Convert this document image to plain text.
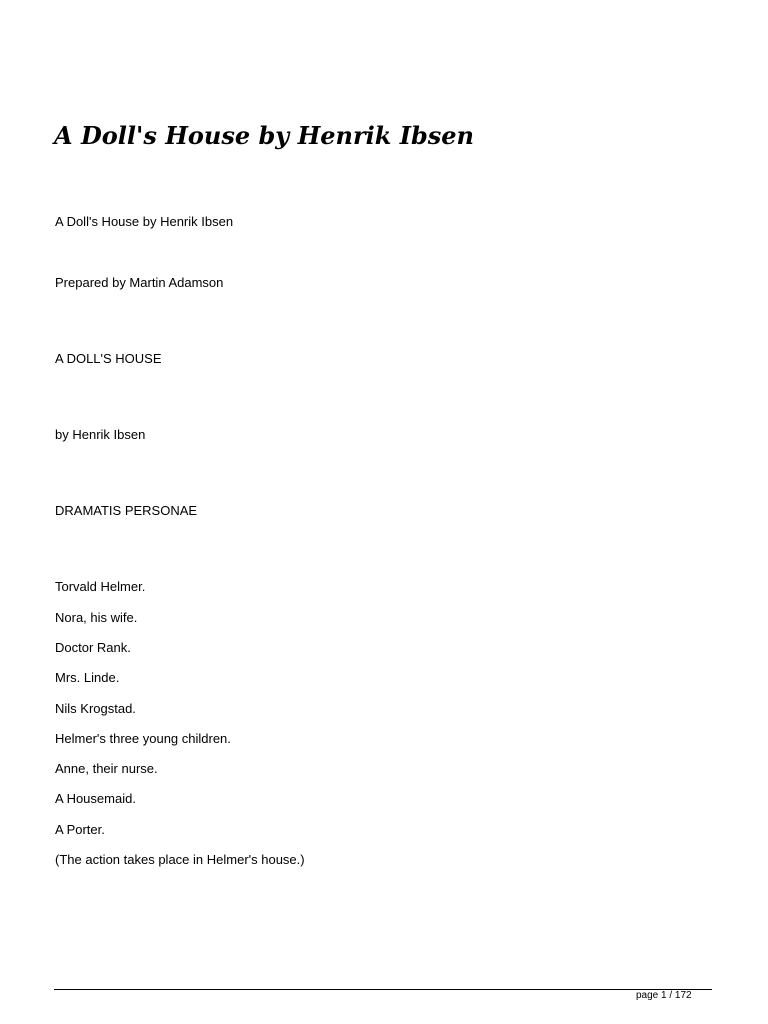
A Doll's House by Henrik Ibsen

A Doll's House by Henrik Ibsen

Prepared by Martin Adamson

A DOLL'S HOUSE

by Henrik Ibsen

DRAMATIS PERSONAE

Torvald Helmer.
Nora, his wife.
Doctor Rank.
Mrs. Linde.
Nils Krogstad.
Helmer's three young children.
Anne, their nurse.
A Housemaid.
A Porter.

(The action takes place in Helmer's house.)

page 1 / 172
